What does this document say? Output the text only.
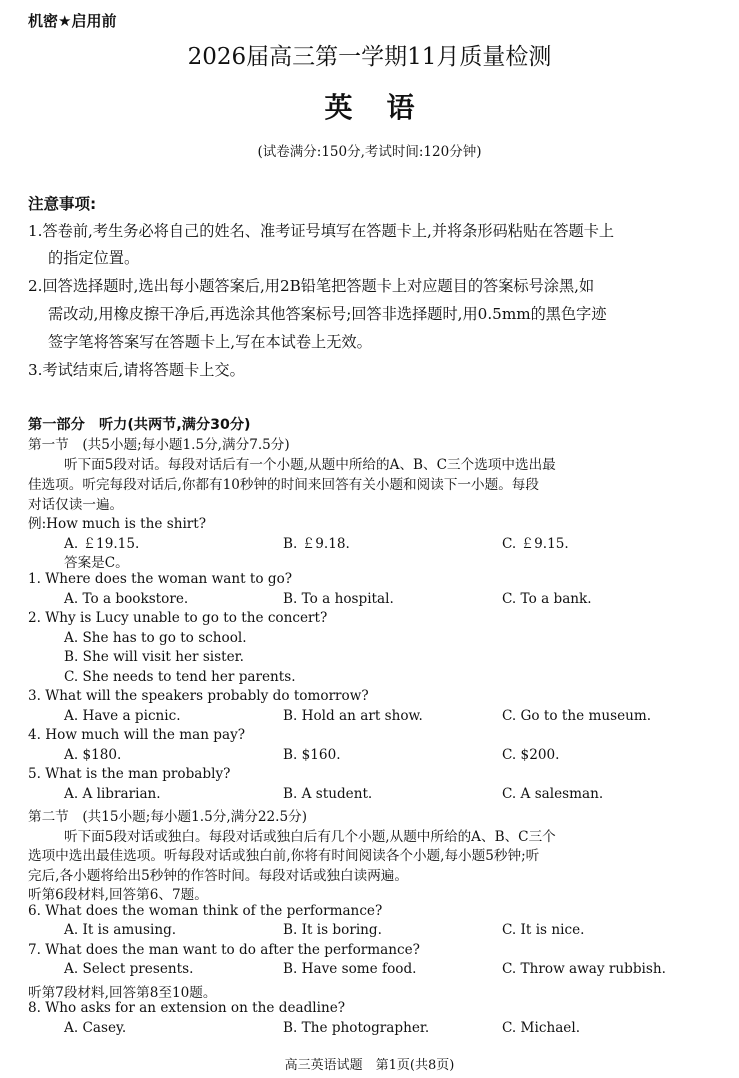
机密★启用前
2026届高三第一学期11月质量检测
英语
(试卷满分:150分,考试时间:120分钟)
注意事项:
1.答卷前,考生务必将自己的姓名、准考证号填写在答题卡上,并将条形码粘贴在答题卡上
的指定位置。
2.回答选择题时,选出每小题答案后,用2B铅笔把答题卡上对应题目的答案标号涂黑,如
需改动,用橡皮擦干净后,再选涂其他答案标号;回答非选择题时,用0.5mm的黑色字迹
签字笔将答案写在答题卡上,写在本试卷上无效。
3.考试结束后,请将答题卡上交。
第一部分　听力(共两节,满分30分)
第一节　(共5小题;每小题1.5分,满分7.5分)
听下面5段对话。每段对话后有一个小题,从题中所给的A、B、C三个选项中选出最
佳选项。听完每段对话后,你都有10秒钟的时间来回答有关小题和阅读下一小题。每段
对话仅读一遍。
例:How much is the shirt?
A. ￡19.15.	B. ￡9.18.	C. ￡9.15.
答案是C。
1. Where does the woman want to go?
A. To a bookstore.	B. To a hospital.	C. To a bank.
2. Why is Lucy unable to go to the concert?
A. She has to go to school.
B. She will visit her sister.
C. She needs to tend her parents.
3. What will the speakers probably do tomorrow?
A. Have a picnic.	B. Hold an art show.	C. Go to the museum.
4. How much will the man pay?
A. $180.	B. $160.	C. $200.
5. What is the man probably?
A. A librarian.	B. A student.	C. A salesman.
第二节　(共15小题;每小题1.5分,满分22.5分)
听下面5段对话或独白。每段对话或独白后有几个小题,从题中所给的A、B、C三个
选项中选出最佳选项。听每段对话或独白前,你将有时间阅读各个小题,每小题5秒钟;听
完后,各小题将给出5秒钟的作答时间。每段对话或独白读两遍。
听第6段材料,回答第6、7题。
6. What does the woman think of the performance?
A. It is amusing.	B. It is boring.	C. It is nice.
7. What does the man want to do after the performance?
A. Select presents.	B. Have some food.	C. Throw away rubbish.
听第7段材料,回答第8至10题。
8. Who asks for an extension on the deadline?
A. Casey.	B. The photographer.	C. Michael.
高三英语试题　第1页(共8页)
